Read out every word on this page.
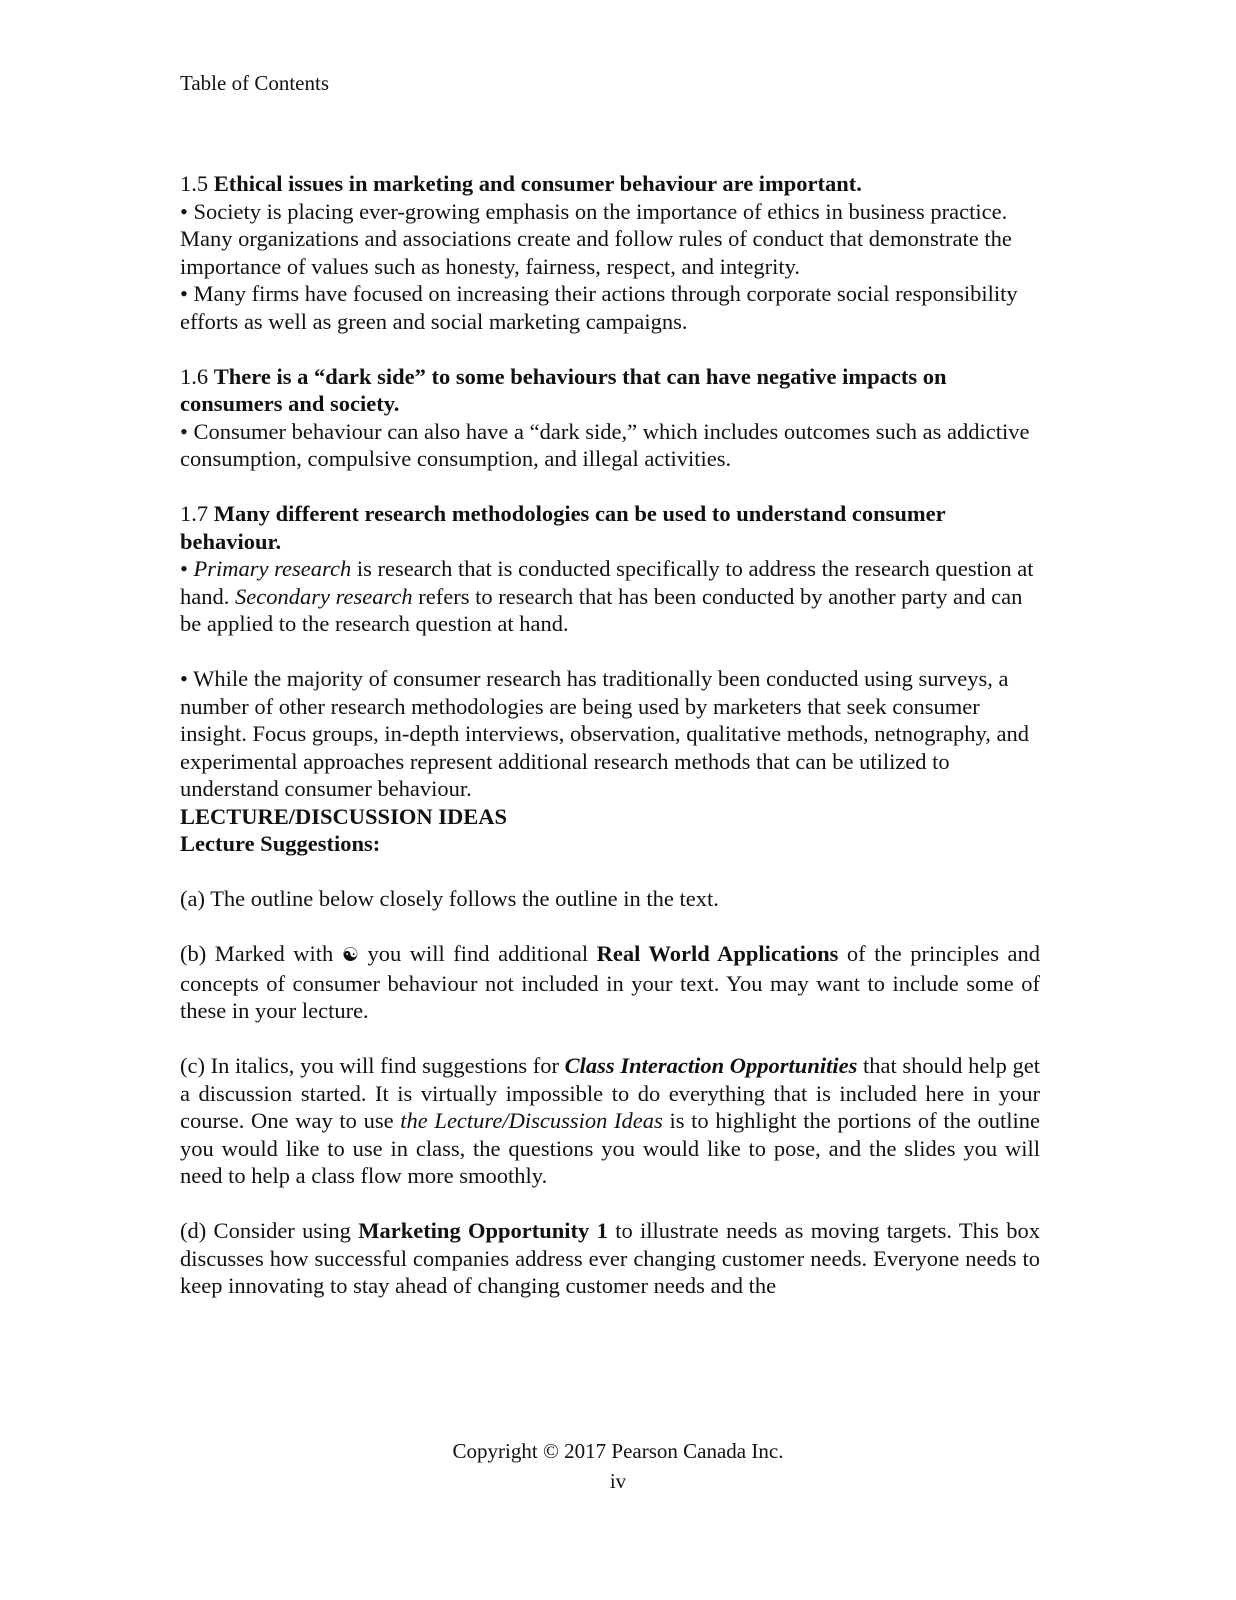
Table of Contents

1.5 Ethical issues in marketing and consumer behaviour are important.

• Society is placing ever-growing emphasis on the importance of ethics in business practice. Many organizations and associations create and follow rules of conduct that demonstrate the importance of values such as honesty, fairness, respect, and integrity.

• Many firms have focused on increasing their actions through corporate social responsibility efforts as well as green and social marketing campaigns.

1.6 There is a “dark side” to some behaviours that can have negative impacts on consumers and society.

• Consumer behaviour can also have a “dark side,” which includes outcomes such as addictive consumption, compulsive consumption, and illegal activities.

1.7 Many different research methodologies can be used to understand consumer behaviour.

• Primary research is research that is conducted specifically to address the research question at hand. Secondary research refers to research that has been conducted by another party and can be applied to the research question at hand.

• While the majority of consumer research has traditionally been conducted using surveys, a number of other research methodologies are being used by marketers that seek consumer insight. Focus groups, in-depth interviews, observation, qualitative methods, netnography, and experimental approaches represent additional research methods that can be utilized to understand consumer behaviour.

LECTURE/DISCUSSION IDEAS

Lecture Suggestions:

(a) The outline below closely follows the outline in the text.

(b) Marked with ☯ you will find additional Real World Applications of the principles and concepts of consumer behaviour not included in your text. You may want to include some of these in your lecture.

(c) In italics, you will find suggestions for Class Interaction Opportunities that should help get a discussion started. It is virtually impossible to do everything that is included here in your course. One way to use the Lecture/Discussion Ideas is to highlight the portions of the outline you would like to use in class, the questions you would like to pose, and the slides you will need to help a class flow more smoothly.

(d) Consider using Marketing Opportunity 1 to illustrate needs as moving targets. This box discusses how successful companies address ever changing customer needs. Everyone needs to keep innovating to stay ahead of changing customer needs and the

Copyright © 2017 Pearson Canada Inc.
iv
